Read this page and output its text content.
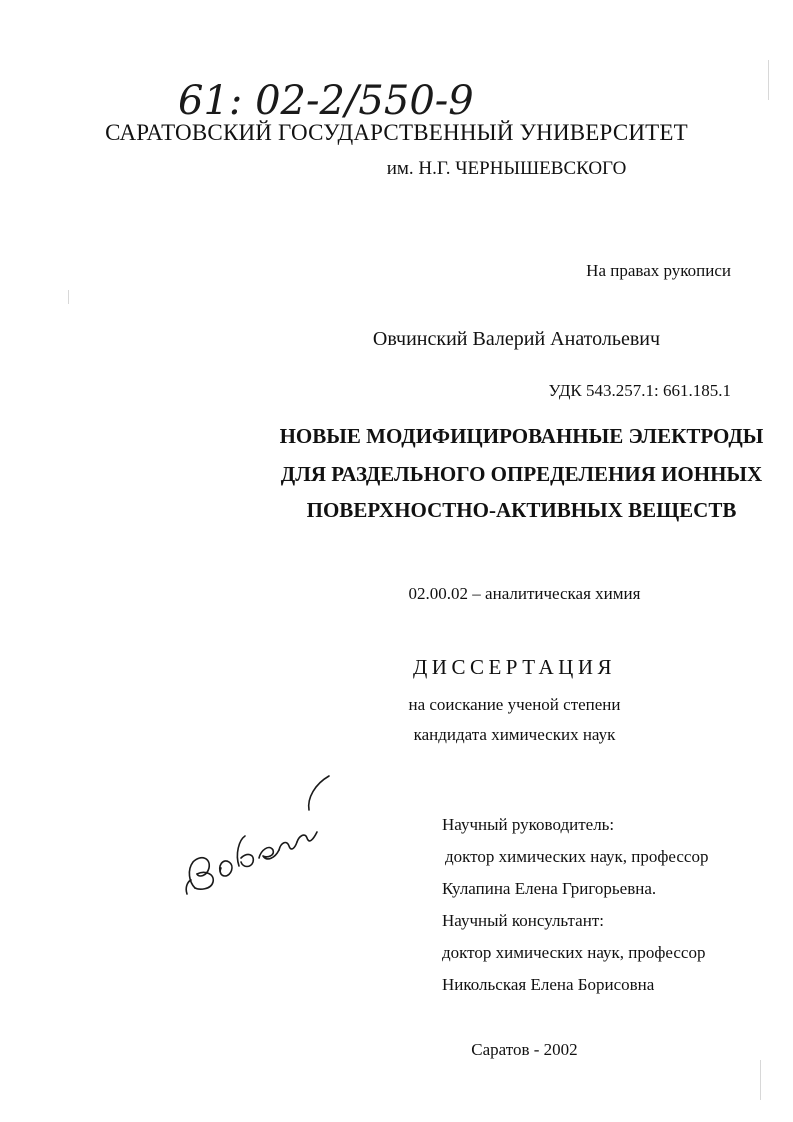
61: 02-2/550-9
САРАТОВСКИЙ ГОСУДАРСТВЕННЫЙ УНИВЕРСИТЕТ
им. Н.Г. ЧЕРНЫШЕВСКОГО
На правах рукописи
Овчинский Валерий Анатольевич
УДК 543.257.1: 661.185.1
НОВЫЕ МОДИФИЦИРОВАННЫЕ ЭЛЕКТРОДЫ
ДЛЯ РАЗДЕЛЬНОГО ОПРЕДЕЛЕНИЯ ИОННЫХ
ПОВЕРХНОСТНО-АКТИВНЫХ ВЕЩЕСТВ
02.00.02 – аналитическая химия
ДИССЕРТАЦИЯ
на соискание ученой степени
кандидата химических наук
Научный руководитель:
доктор химических наук, профессор
Кулапина Елена Григорьевна.
Научный консультант:
доктор химических наук, профессор
Никольская Елена Борисовна
Саратов - 2002
